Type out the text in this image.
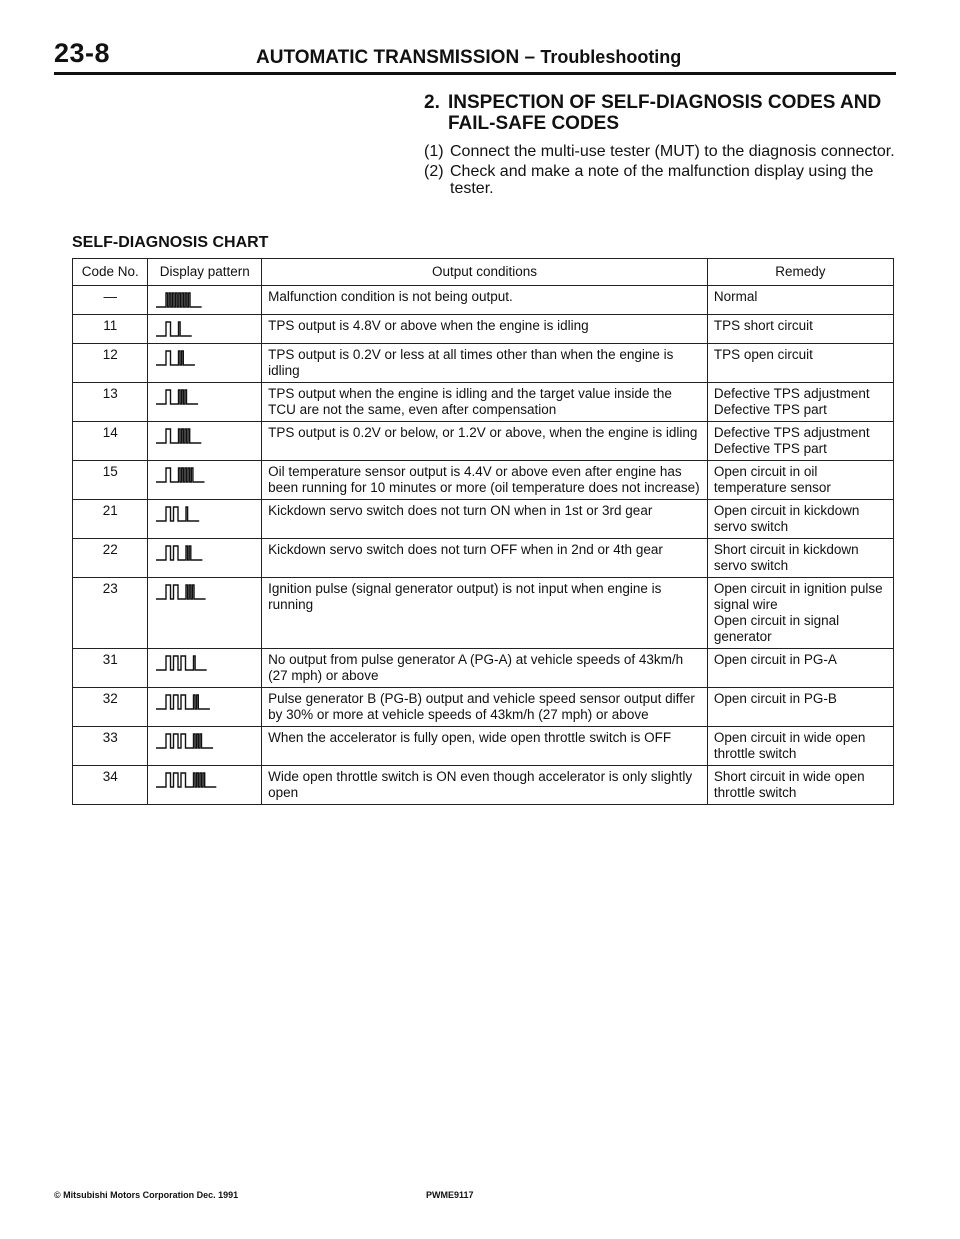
23-8	AUTOMATIC TRANSMISSION – Troubleshooting
2. INSPECTION OF SELF-DIAGNOSIS CODES AND FAIL-SAFE CODES
(1) Connect the multi-use tester (MUT) to the diagnosis connector.
(2) Check and make a note of the malfunction display using the tester.
SELF-DIAGNOSIS CHART
Code No.	Display pattern	Output conditions	Remedy
—		Malfunction condition is not being output.	Normal
11		TPS output is 4.8V or above when the engine is idling	TPS short circuit
12		TPS output is 0.2V or less at all times other than when the engine is idling	TPS open circuit
13		TPS output when the engine is idling and the target value inside the TCU are not the same, even after compensation	Defective TPS adjustment
Defective TPS part
14		TPS output is 0.2V or below, or 1.2V or above, when the engine is idling	Defective TPS adjustment
Defective TPS part
15		Oil temperature sensor output is 4.4V or above even after engine has been running for 10 minutes or more (oil temperature does not increase)	Open circuit in oil temperature sensor
21		Kickdown servo switch does not turn ON when in 1st or 3rd gear	Open circuit in kickdown servo switch
22		Kickdown servo switch does not turn OFF when in 2nd or 4th gear	Short circuit in kickdown servo switch
23		Ignition pulse (signal generator output) is not input when engine is running	Open circuit in ignition pulse signal wire
Open circuit in signal generator
31		No output from pulse generator A (PG-A) at vehicle speeds of 43km/h (27 mph) or above	Open circuit in PG-A
32		Pulse generator B (PG-B) output and vehicle speed sensor output differ by 30% or more at vehicle speeds of 43km/h (27 mph) or above	Open circuit in PG-B
33		When the accelerator is fully open, wide open throttle switch is OFF	Open circuit in wide open throttle switch
34		Wide open throttle switch is ON even though accelerator is only slightly open	Short circuit in wide open throttle switch
© Mitsubishi Motors Corporation Dec. 1991	PWME9117
